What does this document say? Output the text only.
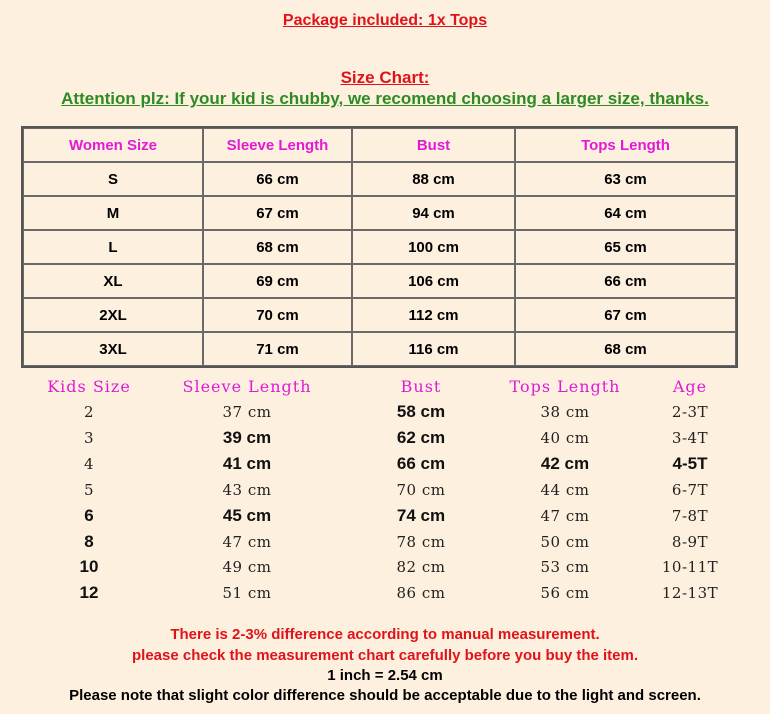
Package included: 1x Tops
Size Chart:
Attention plz: If your kid is chubby, we recomend choosing a larger size, thanks.
Women Size	Sleeve Length	Bust	Tops Length
S	66 cm	88 cm	63 cm
M	67 cm	94 cm	64 cm
L	68 cm	100 cm	65 cm
XL	69 cm	106 cm	66 cm
2XL	70 cm	112 cm	67 cm
3XL	71 cm	116 cm	68 cm
Kids Size	Sleeve Length	Bust	Tops Length	Age
2	37 cm	58 cm	38 cm	2-3T
3	39 cm	62 cm	40 cm	3-4T
4	41 cm	66 cm	42 cm	4-5T
5	43 cm	70 cm	44 cm	6-7T
6	45 cm	74 cm	47 cm	7-8T
8	47 cm	78 cm	50 cm	8-9T
10	49 cm	82 cm	53 cm	10-11T
12	51 cm	86 cm	56 cm	12-13T
There is 2-3% difference according to manual measurement.
please check the measurement chart carefully before you buy the item.
1 inch = 2.54 cm
Please note that slight color difference should be acceptable due to the light and screen.
